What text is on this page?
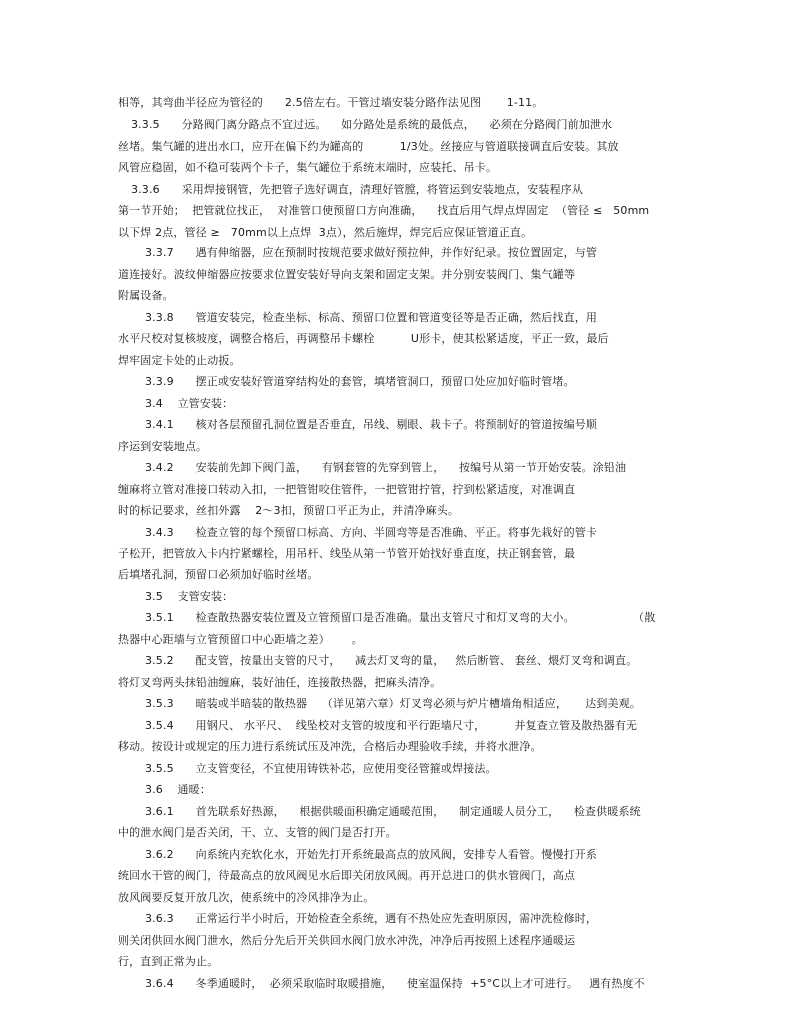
相等，其弯曲半径应为管径的      2.5倍左右。干管过墙安装分路作法见图       1-11。
3.3.5      分路阀门离分路点不宜过远。    如分路处是系统的最低点，    必须在分路阀门前加泄水
丝堵。集气罐的进出水口，应开在偏下约为罐高的          1/3处。丝接应与管道联接调直后安装。其放
风管应稳固，如不稳可装两个卡子，集气罐位于系统末端时，应装托、吊卡。
3.3.6      采用焊接钢管，先把管子选好调直，清理好管膛，将管运到安装地点，安装程序从
第一节开始；  把管就位找正，  对准管口使预留口方向准确，    找直后用气焊点焊固定  （管径 ≤   50mm
以下焊 2点，管径 ≥   70mm以上点焊  3点），然后施焊，焊完后应保证管道正直。
3.3.7      遇有伸缩器，应在预制时按规范要求做好预拉伸，并作好纪录。按位置固定，与管
道连接好。波纹伸缩器应按要求位置安装好导向支架和固定支架。并分别安装阀门、集气罐等
附属设备。
3.3.8      管道安装完，检查坐标、标高、预留口位置和管道变径等是否正确，然后找直，用
水平尺校对复核坡度，调整合格后，再调整吊卡螺栓          U形卡，使其松紧适度，平正一致，最后
焊牢固定卡处的止动扳。
3.3.9      摆正或安装好管道穿结构处的套管，填堵管洞口，预留口处应加好临时管堵。
3.4    立管安装：
3.4.1      核对各层预留孔洞位置是否垂直，吊线、剔眼、栽卡子。将预制好的管道按编号顺
序运到安装地点。
3.4.2      安装前先卸下阀门盖，    有钢套管的先穿到管上，    按编号从第一节开始安装。涂铅油
缠麻将立管对准接口转动入扣，一把管钳咬住管件，一把管钳拧管，拧到松紧适度，对准调直
时的标记要求，丝扣外露    2～3扣，预留口平正为止，并清净麻头。
3.4.3      检查立管的每个预留口标高、方向、半圆弯等是否准确、平正。将事先栽好的管卡
子松开，把管放入卡内拧紧螺栓，用吊杆、线坠从第一节管开始找好垂直度，扶正钢套管，最
后填堵孔洞，预留口必须加好临时丝堵。
3.5    支管安装：
3.5.1      检查散热器安装位置及立管预留口是否准确。量出支管尺寸和灯叉弯的大小。                （散
热器中心距墙与立管预留口中心距墙之差）      。
3.5.2      配支管，按量出支管的尺寸，    减去灯叉弯的量，   然后断管、 套丝、煨灯叉弯和调直。
将灯叉弯两头抹铅油缠麻，装好油任，连接散热器，把麻头清净。
3.5.3      暗装或半暗装的散热器    （详见第六章）灯叉弯必须与炉片槽墙角相适应，     达到美观。
3.5.4      用钢尺、 水平尺、  线坠校对支管的坡度和平行距墙尺寸，        并复查立管及散热器有无
移动。按设计或规定的压力进行系统试压及冲洗，合格后办理验收手续，并将水泄净。
3.5.5      立支管变径，不宜使用铸铁补芯，应使用变径管箍或焊接法。
3.6    通暖：
3.6.1      首先联系好热源，    根据供暖面积确定通暖范围，    制定通暖人员分工，    检查供暖系统
中的泄水阀门是否关闭，干、立、支管的阀门是否打开。
3.6.2      向系统内充软化水，开始先打开系统最高点的放风阀，安排专人看管。慢慢打开系
统回水干管的阀门，待最高点的放风阀见水后即关闭放风阀。再开总进口的供水管阀门，高点
放风阀要反复开放几次，使系统中的冷风排净为止。
3.6.3      正常运行半小时后，开始检查全系统，遇有不热处应先查明原因，需冲洗检修时，
则关闭供回水阀门泄水，然后分先后开关供回水阀门放水冲洗，冲净后再按照上述程序通暖运
行，直到正常为止。
3.6.4      冬季通暖时，  必须采取临时取暖措施，    使室温保持  +5°C以上才可进行。   遇有热度不
